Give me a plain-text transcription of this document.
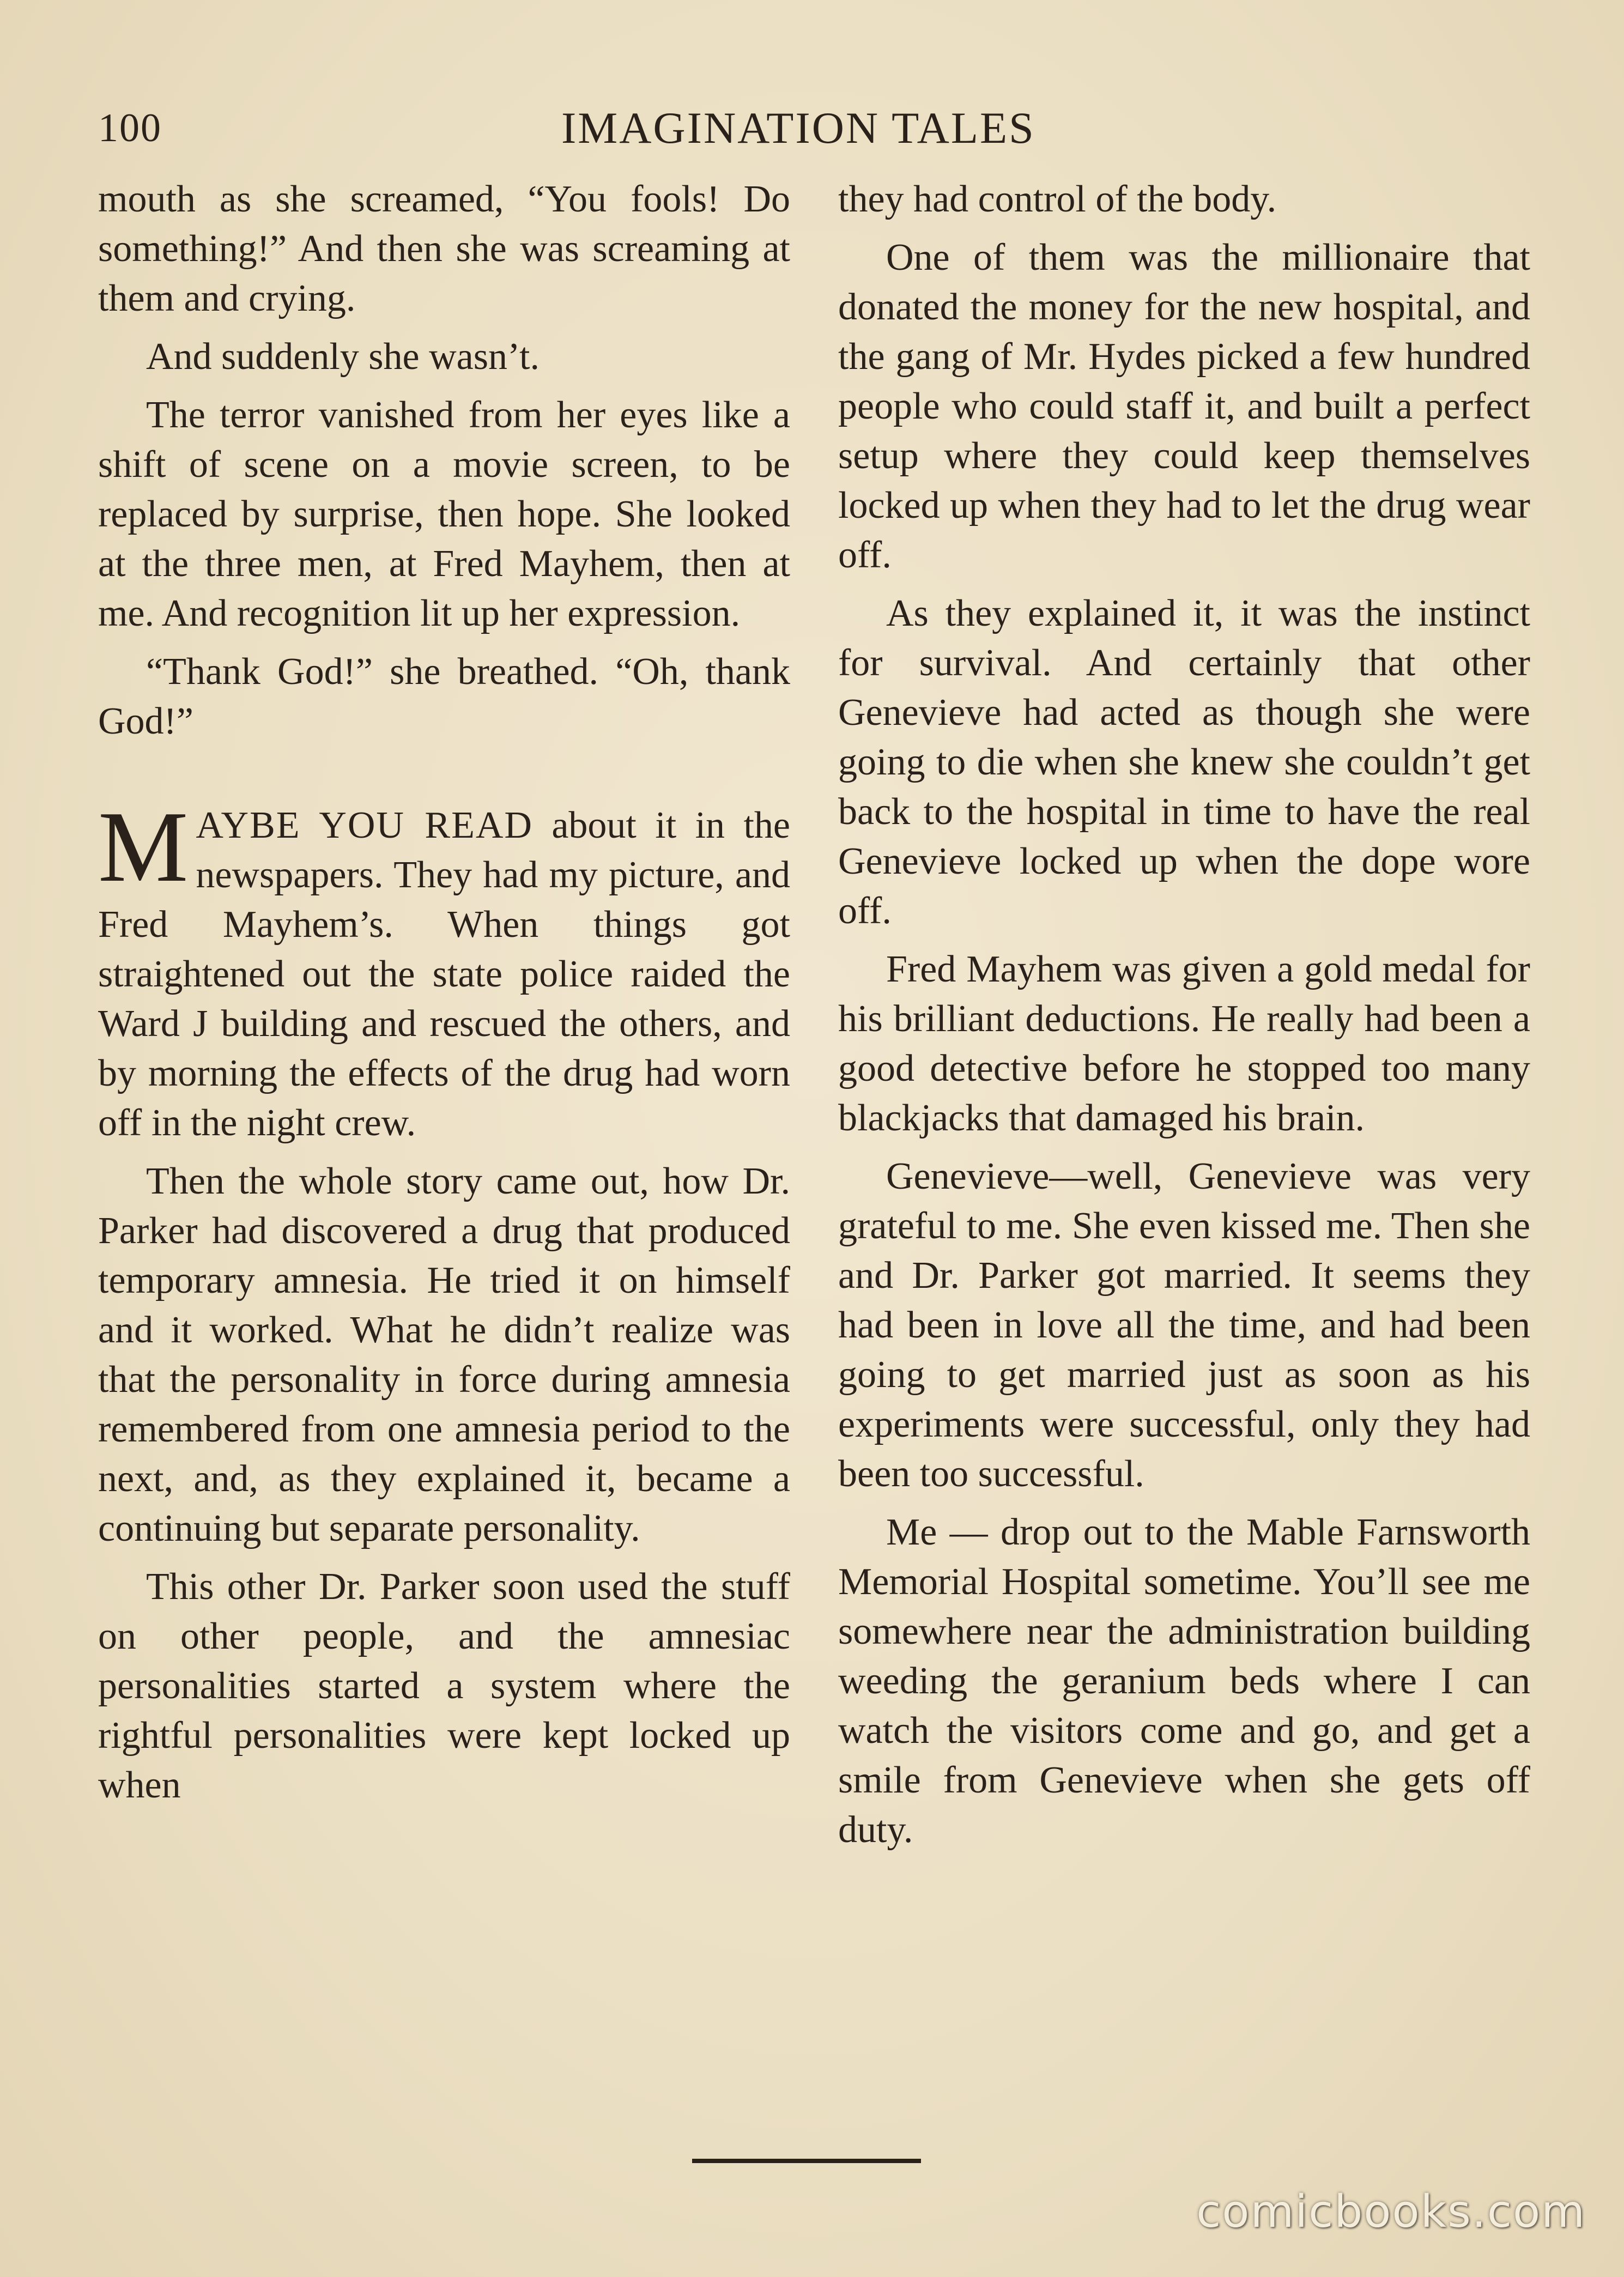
100	IMAGINATION TALES

mouth as she screamed, “You fools! Do something!” And then she was screaming at them and crying.

And suddenly she wasn’t.

The terror vanished from her eyes like a shift of scene on a movie screen, to be replaced by surprise, then hope. She looked at the three men, at Fred Mayhem, then at me. And recognition lit up her expression.

“Thank God!” she breathed. “Oh, thank God!”

MAYBE YOU READ about it in the newspapers. They had my picture, and Fred Mayhem’s. When things got straightened out the state police raided the Ward J building and rescued the others, and by morning the effects of the drug had worn off in the night crew.

Then the whole story came out, how Dr. Parker had discovered a drug that produced temporary amnesia. He tried it on himself and it worked. What he didn’t realize was that the personality in force during amnesia remembered from one amnesia period to the next, and, as they explained it, became a continuing but separate personality.

This other Dr. Parker soon used the stuff on other people, and the amnesiac personalities started a system where the rightful personalities were kept locked up when

they had control of the body.

One of them was the millionaire that donated the money for the new hospital, and the gang of Mr. Hydes picked a few hundred people who could staff it, and built a perfect setup where they could keep themselves locked up when they had to let the drug wear off.

As they explained it, it was the instinct for survival. And certainly that other Genevieve had acted as though she were going to die when she knew she couldn’t get back to the hospital in time to have the real Genevieve locked up when the dope wore off.

Fred Mayhem was given a gold medal for his brilliant deductions. He really had been a good detective before he stopped too many blackjacks that damaged his brain.

Genevieve—well, Genevieve was very grateful to me. She even kissed me. Then she and Dr. Parker got married. It seems they had been in love all the time, and had been going to get married just as soon as his experiments were successful, only they had been too successful.

Me — drop out to the Mable Farnsworth Memorial Hospital sometime. You’ll see me somewhere near the administration building weeding the geranium beds where I can watch the visitors come and go, and get a smile from Genevieve when she gets off duty.

comicbooks.com
